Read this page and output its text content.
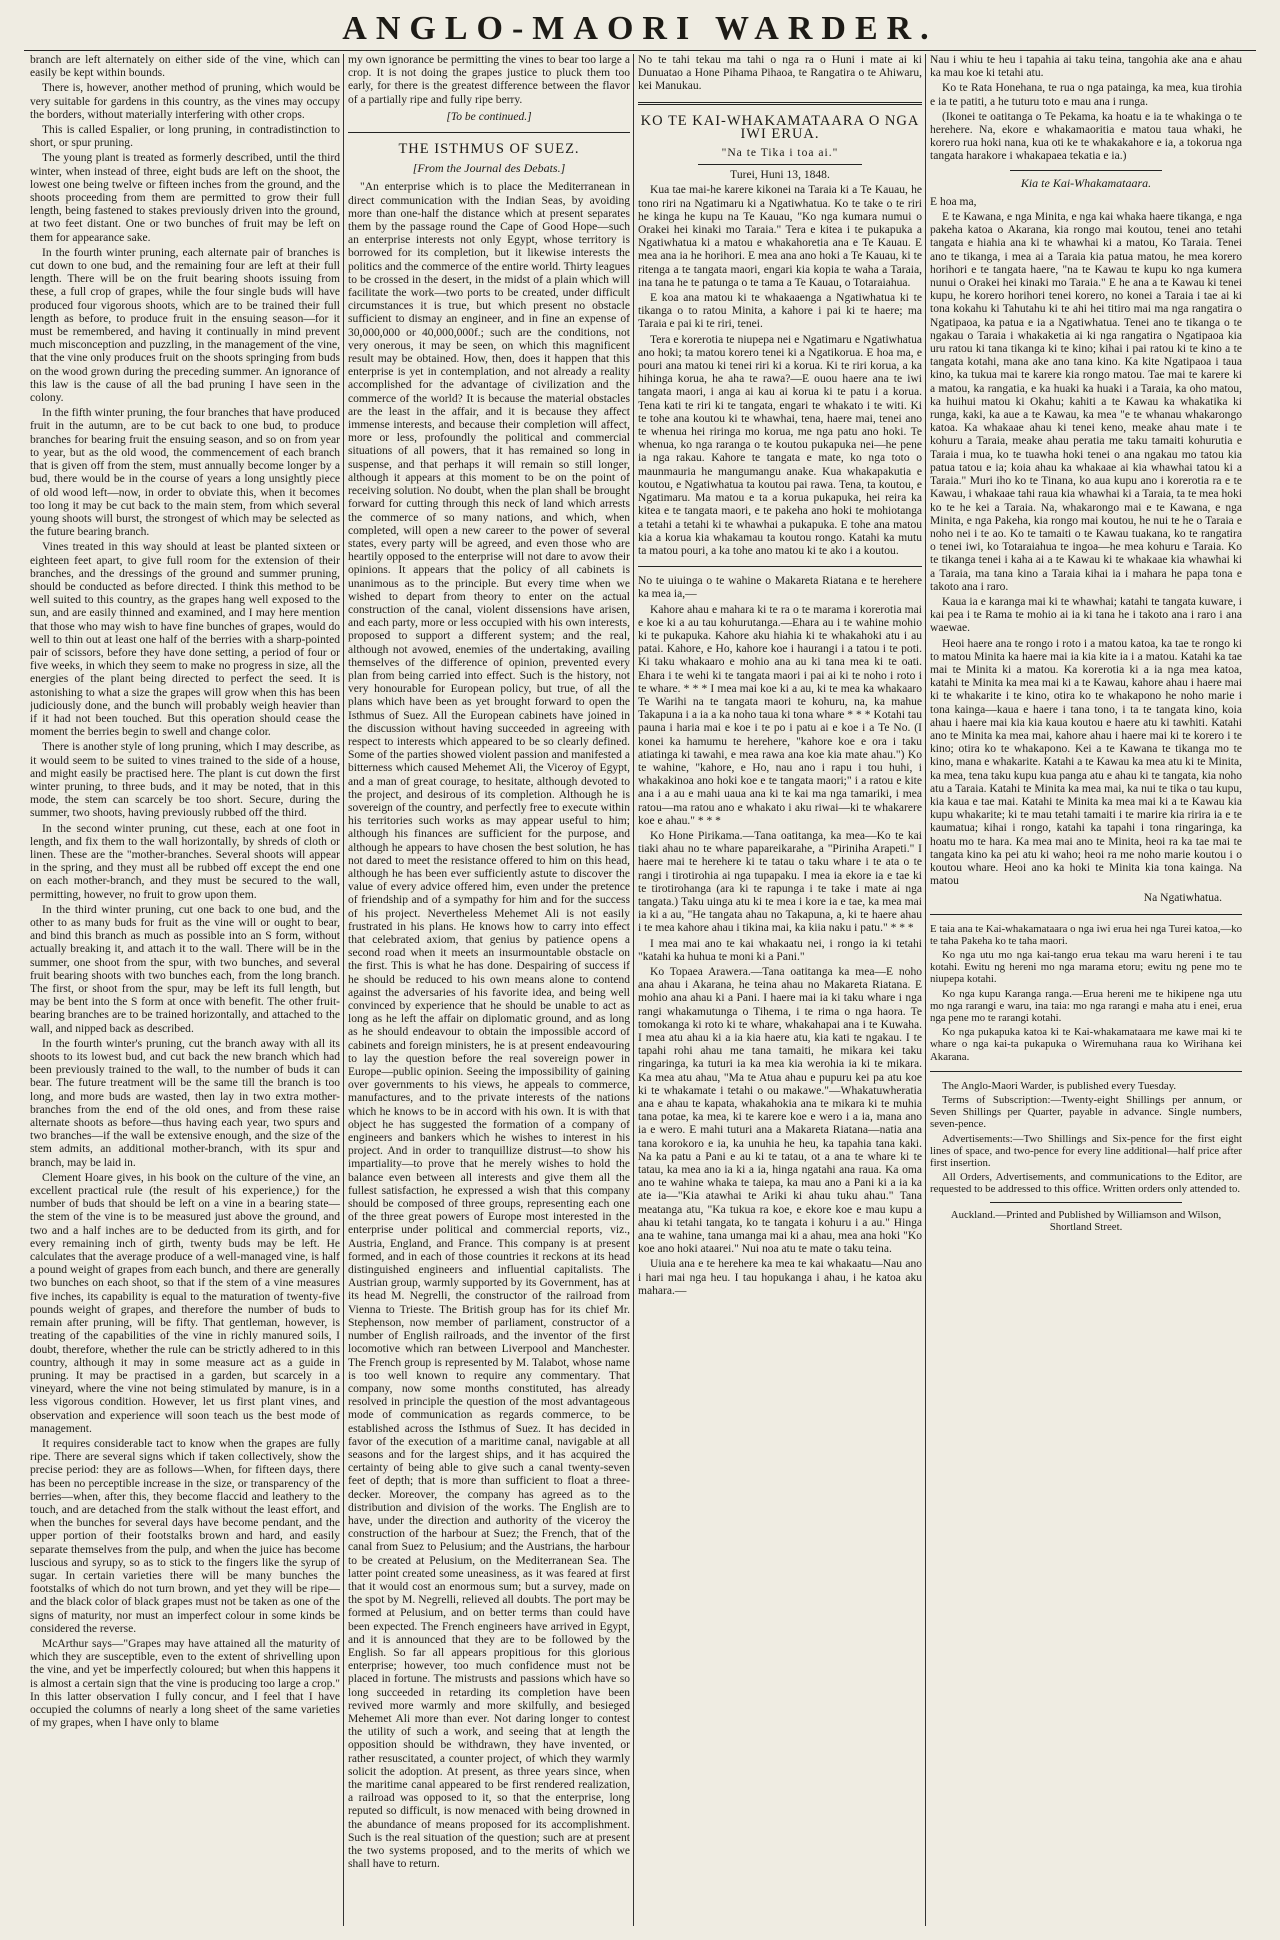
ANGLO-MAORI WARDER.

branch are left alternately on either side of the vine, which can easily be kept within bounds.

There is, however, another method of pruning, which would be very suitable for gardens in this country, as the vines may occupy the borders, without materially interfering with other crops.

This is called Espalier, or long pruning, in contradistinction to short, or spur pruning.

The young plant is treated as formerly described, until the third winter, when instead of three, eight buds are left on the shoot, the lowest one being twelve or fifteen inches from the ground, and the shoots proceeding from them are permitted to grow their full length, being fastened to stakes previously driven into the ground, at two feet distant. One or two bunches of fruit may be left on them for appearance sake.

In the fourth winter pruning, each alternate pair of branches is cut down to one bud, and the remaining four are left at their full length. There will be on the fruit bearing shoots issuing from these, a full crop of grapes, while the four single buds will have produced four vigorous shoots, which are to be trained their full length as before, to produce fruit in the ensuing season—for it must be remembered, and having it continually in mind prevent much misconception and puzzling, in the management of the vine, that the vine only produces fruit on the shoots springing from buds on the wood grown during the preceding summer. An ignorance of this law is the cause of all the bad pruning I have seen in the colony.

In the fifth winter pruning, the four branches that have produced fruit in the autumn, are to be cut back to one bud, to produce branches for bearing fruit the ensuing season, and so on from year to year, but as the old wood, the commencement of each branch that is given off from the stem, must annually become longer by a bud, there would be in the course of years a long unsightly piece of old wood left—now, in order to obviate this, when it becomes too long it may be cut back to the main stem, from which several young shoots will burst, the strongest of which may be selected as the future bearing branch.

Vines treated in this way should at least be planted sixteen or eighteen feet apart, to give full room for the extension of their branches, and the dressings of the ground and summer pruning, should be conducted as before directed. I think this method to be well suited to this country, as the grapes hang well exposed to the sun, and are easily thinned and examined, and I may here mention that those who may wish to have fine bunches of grapes, would do well to thin out at least one half of the berries with a sharp-pointed pair of scissors, before they have done setting, a period of four or five weeks, in which they seem to make no progress in size, all the energies of the plant being directed to perfect the seed. It is astonishing to what a size the grapes will grow when this has been judiciously done, and the bunch will probably weigh heavier than if it had not been touched. But this operation should cease the moment the berries begin to swell and change color.

There is another style of long pruning, which I may describe, as it would seem to be suited to vines trained to the side of a house, and might easily be practised here. The plant is cut down the first winter pruning, to three buds, and it may be noted, that in this mode, the stem can scarcely be too short. Secure, during the summer, two shoots, having previously rubbed off the third.

In the second winter pruning, cut these, each at one foot in length, and fix them to the wall horizontally, by shreds of cloth or linen. These are the "mother-branches. Several shoots will appear in the spring, and they must all be rubbed off except the end one on each mother-branch, and they must be secured to the wall, permitting, however, no fruit to grow upon them.

In the third winter pruning, cut one back to one bud, and the other to as many buds for fruit as the vine will or ought to bear, and bind this branch as much as possible into an S form, without actually breaking it, and attach it to the wall. There will be in the summer, one shoot from the spur, with two bunches, and several fruit bearing shoots with two bunches each, from the long branch. The first, or shoot from the spur, may be left its full length, but may be bent into the S form at once with benefit. The other fruit-bearing branches are to be trained horizontally, and attached to the wall, and nipped back as described.

In the fourth winter's pruning, cut the branch away with all its shoots to its lowest bud, and cut back the new branch which had been previously trained to the wall, to the number of buds it can bear. The future treatment will be the same till the branch is too long, and more buds are wasted, then lay in two extra mother-branches from the end of the old ones, and from these raise alternate shoots as before—thus having each year, two spurs and two branches—if the wall be extensive enough, and the size of the stem admits, an additional mother-branch, with its spur and branch, may be laid in.

Clement Hoare gives, in his book on the culture of the vine, an excellent practical rule (the result of his experience,) for the number of buds that should be left on a vine in a bearing state—the stem of the vine is to be measured just above the ground, and two and a half inches are to be deducted from its girth, and for every remaining inch of girth, twenty buds may be left. He calculates that the average produce of a well-managed vine, is half a pound weight of grapes from each bunch, and there are generally two bunches on each shoot, so that if the stem of a vine measures five inches, its capability is equal to the maturation of twenty-five pounds weight of grapes, and therefore the number of buds to remain after pruning, will be fifty. That gentleman, however, is treating of the capabilities of the vine in richly manured soils, I doubt, therefore, whether the rule can be strictly adhered to in this country, although it may in some measure act as a guide in pruning. It may be practised in a garden, but scarcely in a vineyard, where the vine not being stimulated by manure, is in a less vigorous condition. However, let us first plant vines, and observation and experience will soon teach us the best mode of management.

It requires considerable tact to know when the grapes are fully ripe. There are several signs which if taken collectively, show the precise period: they are as follows—When, for fifteen days, there has been no perceptible increase in the size, or transparency of the berries—when, after this, they become flaccid and leathery to the touch, and are detached from the stalk without the least effort, and when the bunches for several days have become pendant, and the upper portion of their footstalks brown and hard, and easily separate themselves from the pulp, and when the juice has become luscious and syrupy, so as to stick to the fingers like the syrup of sugar. In certain varieties there will be many bunches the footstalks of which do not turn brown, and yet they will be ripe—and the black color of black grapes must not be taken as one of the signs of maturity, nor must an imperfect colour in some kinds be considered the reverse.

McArthur says—"Grapes may have attained all the maturity of which they are susceptible, even to the extent of shrivelling upon the vine, and yet be imperfectly coloured; but when this happens it is almost a certain sign that the vine is producing too large a crop." In this latter observation I fully concur, and I feel that I have occupied the columns of nearly a long sheet of the same varieties of my grapes, when I have only to blame

my own ignorance be permitting the vines to bear too large a crop. It is not doing the grapes justice to pluck them too early, for there is the greatest difference between the flavor of a partially ripe and fully ripe berry.

[To be continued.]

THE ISTHMUS OF SUEZ.
[From the Journal des Debats.]

"An enterprise which is to place the Mediterranean in direct communication with the Indian Seas, by avoiding more than one-half the distance which at present separates them by the passage round the Cape of Good Hope—such an enterprise interests not only Egypt, whose territory is borrowed for its completion, but it likewise interests the politics and the commerce of the entire world. Thirty leagues to be crossed in the desert, in the midst of a plain which will facilitate the work—two ports to be created, under difficult circumstances it is true, but which present no obstacle sufficient to dismay an engineer, and in fine an expense of 30,000,000 or 40,000,000f.; such are the conditions, not very onerous, it may be seen, on which this magnificent result may be obtained. How, then, does it happen that this enterprise is yet in contemplation, and not already a reality accomplished for the advantage of civilization and the commerce of the world? It is because the material obstacles are the least in the affair, and it is because they affect immense interests, and because their completion will affect, more or less, profoundly the political and commercial situations of all powers, that it has remained so long in suspense, and that perhaps it will remain so still longer, although it appears at this moment to be on the point of receiving solution. No doubt, when the plan shall be brought forward for cutting through this neck of land which arrests the commerce of so many nations, and which, when completed, will open a new career to the power of several states, every party will be agreed, and even those who are heartily opposed to the enterprise will not dare to avow their opinions. It appears that the policy of all cabinets is unanimous as to the principle. But every time when we wished to depart from theory to enter on the actual construction of the canal, violent dissensions have arisen, and each party, more or less occupied with his own interests, proposed to support a different system; and the real, although not avowed, enemies of the undertaking, availing themselves of the difference of opinion, prevented every plan from being carried into effect. Such is the history, not very honourable for European policy, but true, of all the plans which have been as yet brought forward to open the Isthmus of Suez. All the European cabinets have joined in the discussion without having succeeded in agreeing with respect to interests which appeared to be so clearly defined. Some of the parties showed violent passion and manifested a bitterness which caused Mehemet Ali, the Viceroy of Egypt, and a man of great courage, to hesitate, although devoted to the project, and desirous of its completion. Although he is sovereign of the country, and perfectly free to execute within his territories such works as may appear useful to him; although his finances are sufficient for the purpose, and although he appears to have chosen the best solution, he has not dared to meet the resistance offered to him on this head, although he has been ever sufficiently astute to discover the value of every advice offered him, even under the pretence of friendship and of a sympathy for him and for the success of his project. Nevertheless Mehemet Ali is not easily frustrated in his plans. He knows how to carry into effect that celebrated axiom, that genius by patience opens a second road when it meets an insurmountable obstacle on the first. This is what he has done. Despairing of success if he should be reduced to his own means alone to contend against the adversaries of his favorite idea, and being well convinced by experience that he should be unable to act as long as he left the affair on diplomatic ground, and as long as he should endeavour to obtain the impossible accord of cabinets and foreign ministers, he is at present endeavouring to lay the question before the real sovereign power in Europe—public opinion. Seeing the impossibility of gaining over governments to his views, he appeals to commerce, manufactures, and to the private interests of the nations which he knows to be in accord with his own. It is with that object he has suggested the formation of a company of engineers and bankers which he wishes to interest in his project. And in order to tranquillize distrust—to show his impartiality—to prove that he merely wishes to hold the balance even between all interests and give them all the fullest satisfaction, he expressed a wish that this company should be composed of three groups, representing each one of the three great powers of Europe most interested in the enterprise under political and commercial reports, viz., Austria, England, and France. This company is at present formed, and in each of those countries it reckons at its head distinguished engineers and influential capitalists. The Austrian group, warmly supported by its Government, has at its head M. Negrelli, the constructor of the railroad from Vienna to Trieste. The British group has for its chief Mr. Stephenson, now member of parliament, constructor of a number of English railroads, and the inventor of the first locomotive which ran between Liverpool and Manchester. The French group is represented by M. Talabot, whose name is too well known to require any commentary. That company, now some months constituted, has already resolved in principle the question of the most advantageous mode of communication as regards commerce, to be established across the Isthmus of Suez. It has decided in favor of the execution of a maritime canal, navigable at all seasons and for the largest ships, and it has acquired the certainty of being able to give such a canal twenty-seven feet of depth; that is more than sufficient to float a three-decker. Moreover, the company has agreed as to the distribution and division of the works. The English are to have, under the direction and authority of the viceroy the construction of the harbour at Suez; the French, that of the canal from Suez to Pelusium; and the Austrians, the harbour to be created at Pelusium, on the Mediterranean Sea. The latter point created some uneasiness, as it was feared at first that it would cost an enormous sum; but a survey, made on the spot by M. Negrelli, relieved all doubts. The port may be formed at Pelusium, and on better terms than could have been expected. The French engineers have arrived in Egypt, and it is announced that they are to be followed by the English. So far all appears propitious for this glorious enterprise; however, too much confidence must not be placed in fortune. The mistrusts and passions which have so long succeeded in retarding its completion have been revived more warmly and more skilfully, and besieged Mehemet Ali more than ever. Not daring longer to contest the utility of such a work, and seeing that at length the opposition should be withdrawn, they have invented, or rather resuscitated, a counter project, of which they warmly solicit the adoption. At present, as three years since, when the maritime canal appeared to be first rendered realization, a railroad was opposed to it, so that the enterprise, long reputed so difficult, is now menaced with being drowned in the abundance of means proposed for its accomplishment. Such is the real situation of the question; such are at present the two systems proposed, and to the merits of which we shall have to return.

No te tahi tekau ma tahi o nga ra o Huni i mate ai ki Dunuatao a Hone Pihama Pihaoa, te Rangatira o te Ahiwaru, kei Manukau.

KO TE KAI-WHAKAMATAARA O NGA IWI ERUA.

"Na te Tika i toa ai."

Turei, Huni 13, 1848.

Kua tae mai-he karere kikonei na Taraia ki a Te Kauau, he tono riri na Ngatimaru ki a Ngatiwhatua. Ko te take o te riri he kinga he kupu na Te Kauau, "Ko nga kumara numui o Orakei hei kinaki mo Taraia." Tera e kitea i te pukapuka a Ngatiwhatua ki a matou e whakahoretia ana e Te Kauau. E mea ana ia he horihori. E mea ana ano hoki a Te Kauau, ki te ritenga a te tangata maori, engari kia kopia te waha a Taraia, ina tana he te patunga o te tama a Te Kauau, o Totaraiahua.

E koa ana matou ki te whakaaenga a Ngatiwhatua ki te tikanga o to ratou Minita, a kahore i pai ki te haere; ma Taraia e pai ki te riri, tenei.

Tera e korerotia te niupepa nei e Ngatimaru e Ngatiwhatua ano hoki; ta matou korero tenei ki a Ngatikorua. E hoa ma, e pouri ana matou ki tenei riri ki a korua. Ki te riri korua, a ka hihinga korua, he aha te rawa?—E ouou haere ana te iwi tangata maori, i anga ai kau ai korua ki te patu i a korua. Tena kati te riri ki te tangata, engari te whakato i te witi. Ki te tohe ana koutou ki te whawhai, tena, haere mai, tenei ano te whenua hei riringa mo korua, me nga patu ano hoki. Te whenua, ko nga raranga o te koutou pukapuka nei—he pene ia nga rakau. Kahore te tangata e mate, ko nga toto o maunmauria he mangumangu anake. Kua whakapakutia e koutou, e Ngatiwhatua ta koutou pai rawa. Tena, ta koutou, e Ngatimaru. Ma matou e ta a korua pukapuka, hei reira ka kitea e te tangata maori, e te pakeha ano hoki te mohiotanga a tetahi a tetahi ki te whawhai a pukapuka. E tohe ana matou kia a korua kia whakamau ta koutou rongo. Katahi ka mutu ta matou pouri, a ka tohe ano matou ki te ako i a koutou.

No te uiuinga o te wahine o Makareta Riatana e te herehere ka mea ia,—

Kahore ahau e mahara ki te ra o te marama i korerotia mai e koe ki a au tau kohurutanga.—Ehara au i te wahine mohio ki te pukapuka. Kahore aku hiahia ki te whakahoki atu i au patai. Kahore, e Ho, kahore koe i haurangi i a tatou i te poti. Ki taku whakaaro e mohio ana au ki tana mea ki te oati. Ehara i te wehi ki te tangata maori i pai ai ki te noho i roto i te whare. * * * I mea mai koe ki a au, ki te mea ka whakaaro Te Warihi na te tangata maori te kohuru, na, ka mahue Takapuna i a ia a ka noho taua ki tona whare * * * Kotahi tau pauna i haria mai e koe i te po i patu ai e koe i a Te No. (I konei ka hamumu te herehere, "kahore koe e ora i taku atiatinga ki tawahi, e mea rawa ana koe kia mate ahau.") Ko te wahine, "kahore, e Ho, nau ano i rapu i tou huhi, i whakakinoa ano hoki koe e te tangata maori;" i a ratou e kite ana i a au e mahi uaua ana ki te kai ma nga tamariki, i mea ratou—ma ratou ano e whakato i aku riwai—ki te whakarere koe e ahau." * * *

Ko Hone Pirikama.—Tana oatitanga, ka mea—Ko te kai tiaki ahau no te whare papareikarahe, a "Piriniha Arapeti." I haere mai te herehere ki te tatau o taku whare i te ata o te rangi i tirotirohia ai nga tupapaku. I mea ia ekore ia e tae ki te tirotirohanga (ara ki te rapunga i te take i mate ai nga tangata.) Taku uinga atu ki te mea i kore ia e tae, ka mea mai ia ki a au, "He tangata ahau no Takapuna, a, ki te haere ahau i te mea kahore ahau i tikina mai, ka kiia naku i patu." * * *

I mea mai ano te kai whakaatu nei, i rongo ia ki tetahi "katahi ka huhua te moni ki a Pani."

Ko Topaea Arawera.—Tana oatitanga ka mea—E noho ana ahau i Akarana, he teina ahau no Makareta Riatana. E mohio ana ahau ki a Pani. I haere mai ia ki taku whare i nga rangi whakamutunga o Tihema, i te rima o nga haora. Te tomokanga ki roto ki te whare, whakahapai ana i te Kuwaha. I mea atu ahau ki a ia kia haere atu, kia kati te ngakau. I te tapahi rohi ahau me tana tamaiti, he mikara kei taku ringaringa, ka tuturi ia ka mea kia werohia ia ki te mikara. Ka mea atu ahau, "Ma te Atua ahau e pupuru kei pa atu koe ki te whakamate i tetahi o ou makawe."—Whakatuwheratia ana e ahau te kapata, whakahokia ana te mikara ki te muhia tana potae, ka mea, ki te karere koe e wero i a ia, mana ano ia e wero. E mahi tuturi ana a Makareta Riatana—natia ana tana korokoro e ia, ka unuhia he heu, ka tapahia tana kaki. Na ka patu a Pani e au ki te tatau, ot a ana te whare ki te tatau, ka mea ano ia ki a ia, hinga ngatahi ana raua. Ka oma ano te wahine whaka te taiepa, ka mau ano a Pani ki a ia ka ate ia—"Kia atawhai te Ariki ki ahau tuku ahau." Tana meatanga atu, "Ka tukua ra koe, e ekore koe e mau kupu a ahau ki tetahi tangata, ko te tangata i kohuru i a au." Hinga ana te wahine, tana umanga mai ki a ahau, mea ana hoki "Ko koe ano hoki ataarei." Nui noa atu te mate o taku teina.

Uiuia ana e te herehere ka mea te kai whakaatu—Nau ano i hari mai nga heu. I tau hopukanga i ahau, i he katoa aku mahara.—

Nau i whiu te heu i tapahia ai taku teina, tangohia ake ana e ahau ka mau koe ki tetahi atu.

Ko te Rata Honehana, te rua o nga patainga, ka mea, kua tirohia e ia te patiti, a he tuturu toto e mau ana i runga.

(Ikonei te oatitanga o Te Pekama, ka hoatu e ia te whakinga o te herehere. Na, ekore e whakamaoritia e matou taua whaki, he korero rua hoki nana, kua oti ke te whakakahore e ia, a tokorua nga tangata harakore i whakapaea tekatia e ia.)

Kia te Kai-Whakamataara.

E hoa ma,

E te Kawana, e nga Minita, e nga kai whaka haere tikanga, e nga pakeha katoa o Akarana, kia rongo mai koutou, tenei ano tetahi tangata e hiahia ana ki te whawhai ki a matou, Ko Taraia. Tenei ano te tikanga, i mea ai a Taraia kia patua matou, he mea korero horihori e te tangata haere, "na te Kawau te kupu ko nga kumera nunui o Orakei hei kinaki mo Taraia." E he ana a te Kawau ki tenei kupu, he korero horihori tenei korero, no konei a Taraia i tae ai ki tona kokahu ki Tahutahu ki te ahi hei titiro mai ma nga rangatira o Ngatipaoa, ka patua e ia a Ngatiwhatua. Tenei ano te tikanga o te ngakau o Taraia i whakaketia ai ki nga rangatira o Ngatipaoa kia uru ratou ki tana tikanga ki te kino; kihai i pai ratou ki te kino a te tangata kotahi, mana ake ano tana kino. Ka kite Ngatipaoa i taua kino, ka tukua mai te karere kia rongo matou. Tae mai te karere ki a matou, ka rangatia, e ka huaki ka huaki i a Taraia, ka oho matou, ka huihui matou ki Okahu; kahiti a te Kawau ka whakatika ki runga, kaki, ka aue a te Kawau, ka mea "e te whanau whakarongo katoa. Ka whakaae ahau ki tenei keno, meake ahau mate i te kohuru a Taraia, meake ahau peratia me taku tamaiti kohurutia e Taraia i mua, ko te tuawha hoki tenei o ana ngakau mo tatou kia patua tatou e ia; koia ahau ka whakaae ai kia whawhai tatou ki a Taraia." Muri iho ko te Tinana, ko aua kupu ano i korerotia ra e te Kawau, i whakaae tahi raua kia whawhai ki a Taraia, ta te mea hoki ko te he kei a Taraia. Na, whakarongo mai e te Kawana, e nga Minita, e nga Pakeha, kia rongo mai koutou, he nui te he o Taraia e noho nei i te ao. Ko te tamaiti o te Kawau tuakana, ko te rangatira o tenei iwi, ko Totaraiahua te ingoa—he mea kohuru e Taraia. Ko te tikanga tenei i kaha ai a te Kawau ki te whakaae kia whawhai ki a Taraia, ma tana kino a Taraia kihai ia i mahara he papa tona e takoto ana i raro.

Kaua ia e karanga mai ki te whawhai; katahi te tangata kuware, i kai pea i te Rama te mohio ai ia ki tana he i takoto ana i raro i ana waewae.

Heoi haere ana te rongo i roto i a matou katoa, ka tae te rongo ki to matou Minita ka haere mai ia kia kite ia i a matou. Katahi ka tae mai te Minita ki a matou. Ka korerotia ki a ia nga mea katoa, katahi te Minita ka mea mai ki a te Kawau, kahore ahau i haere mai ki te whakarite i te kino, otira ko te whakapono he noho marie i tona kainga—kaua e haere i tana tono, i ta te tangata kino, koia ahau i haere mai kia kia kaua koutou e haere atu ki tawhiti. Katahi ano te Minita ka mea mai, kahore ahau i haere mai ki te korero i te kino; otira ko te whakapono. Kei a te Kawana te tikanga mo te kino, mana e whakarite. Katahi a te Kawau ka mea atu ki te Minita, ka mea, tena taku kupu kua panga atu e ahau ki te tangata, kia noho atu a Taraia. Katahi te Minita ka mea mai, ka nui te tika o tau kupu, kia kaua e tae mai. Katahi te Minita ka mea mai ki a te Kawau kia kupu whakarite; ki te mau tetahi tamaiti i te marire kia ririra ia e te kaumatua; kihai i rongo, katahi ka tapahi i tona ringaringa, ka hoatu mo te hara. Ka mea mai ano te Minita, heoi ra ka tae mai te tangata kino ka pei atu ki waho; heoi ra me noho marie koutou i o koutou whare. Heoi ano ka hoki te Minita kia tona kainga. Na matou

Na Ngatiwhatua.

E taia ana te Kai-whakamataara o nga iwi erua hei nga Turei katoa,—ko te taha Pakeha ko te taha maori.

Ko nga utu mo nga kai-tango erua tekau ma waru hereni i te tau kotahi. Ewitu ng hereni mo nga marama etoru; ewitu ng pene mo te niupepa kotahi.

Ko nga kupu Karanga ranga.—Erua hereni me te hikipene nga utu mo nga rarangi e waru, ina taia: mo nga rarangi e maha atu i enei, erua nga pene mo te rarangi kotahi.

Ko nga pukapuka katoa ki te Kai-whakamataara me kawe mai ki te whare o nga kai-ta pukapuka o Wiremuhana raua ko Wirihana kei Akarana.

The Anglo-Maori Warder, is published every Tuesday.

Terms of Subscription:—Twenty-eight Shillings per annum, or Seven Shillings per Quarter, payable in advance. Single numbers, seven-pence.

Advertisements:—Two Shillings and Six-pence for the first eight lines of space, and two-pence for every line additional—half price after first insertion.

All Orders, Advertisements, and communications to the Editor, are requested to be addressed to this office. Written orders only attended to.

Auckland.—Printed and Published by Williamson and Wilson, Shortland Street.
